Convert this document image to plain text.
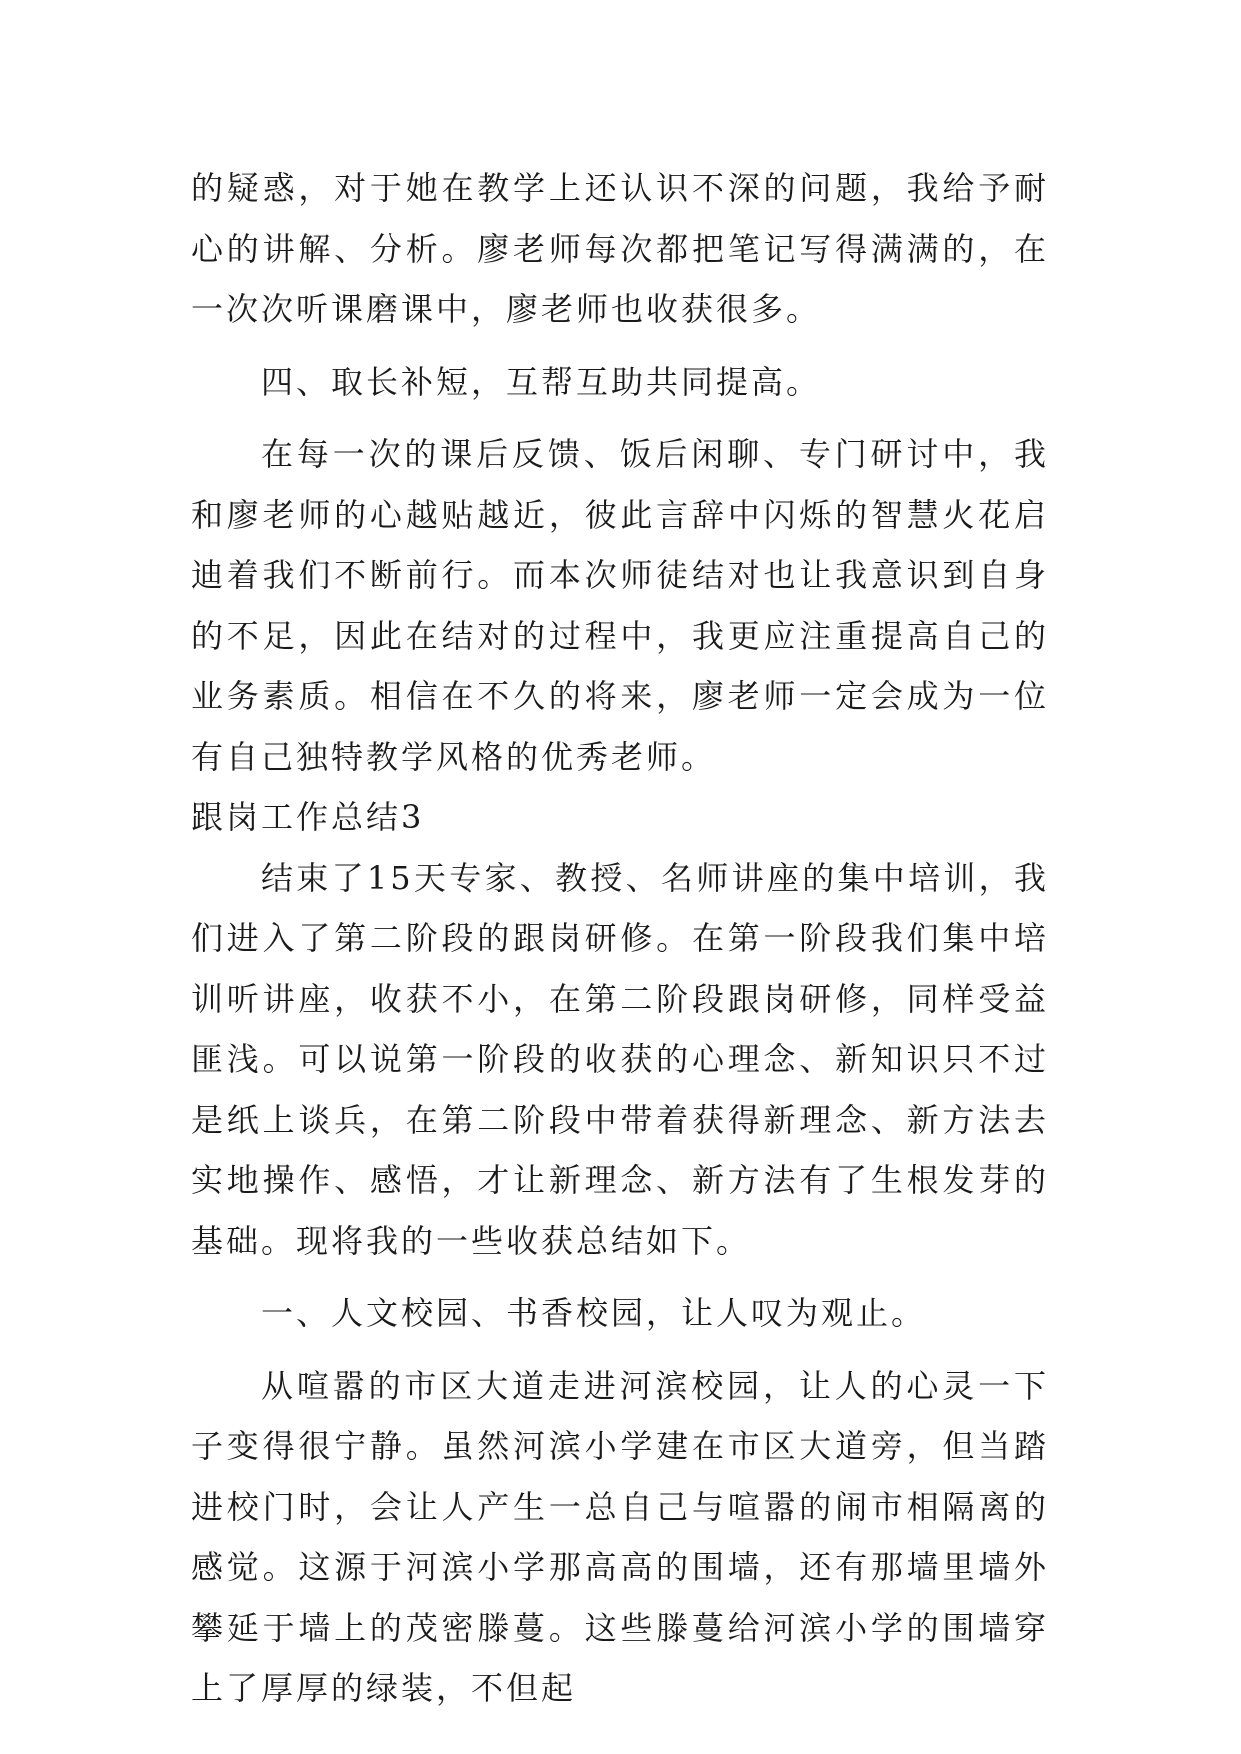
的疑惑，对于她在教学上还认识不深的问题，我给予耐心的讲解、分析。廖老师每次都把笔记写得满满的，在一次次听课磨课中，廖老师也收获很多。

四、取长补短，互帮互助共同提高。

在每一次的课后反馈、饭后闲聊、专门研讨中，我和廖老师的心越贴越近，彼此言辞中闪烁的智慧火花启迪着我们不断前行。而本次师徒结对也让我意识到自身的不足，因此在结对的过程中，我更应注重提高自己的业务素质。相信在不久的将来，廖老师一定会成为一位有自己独特教学风格的优秀老师。

跟岗工作总结3

结束了15天专家、教授、名师讲座的集中培训，我们进入了第二阶段的跟岗研修。在第一阶段我们集中培训听讲座，收获不小，在第二阶段跟岗研修，同样受益匪浅。可以说第一阶段的收获的心理念、新知识只不过是纸上谈兵，在第二阶段中带着获得新理念、新方法去实地操作、感悟，才让新理念、新方法有了生根发芽的基础。现将我的一些收获总结如下。

一、人文校园、书香校园，让人叹为观止。

从喧嚣的市区大道走进河滨校园，让人的心灵一下子变得很宁静。虽然河滨小学建在市区大道旁，但当踏进校门时，会让人产生一总自己与喧嚣的闹市相隔离的感觉。这源于河滨小学那高高的围墙，还有那墙里墙外攀延于墙上的茂密滕蔓。这些滕蔓给河滨小学的围墙穿上了厚厚的绿装，不但起
